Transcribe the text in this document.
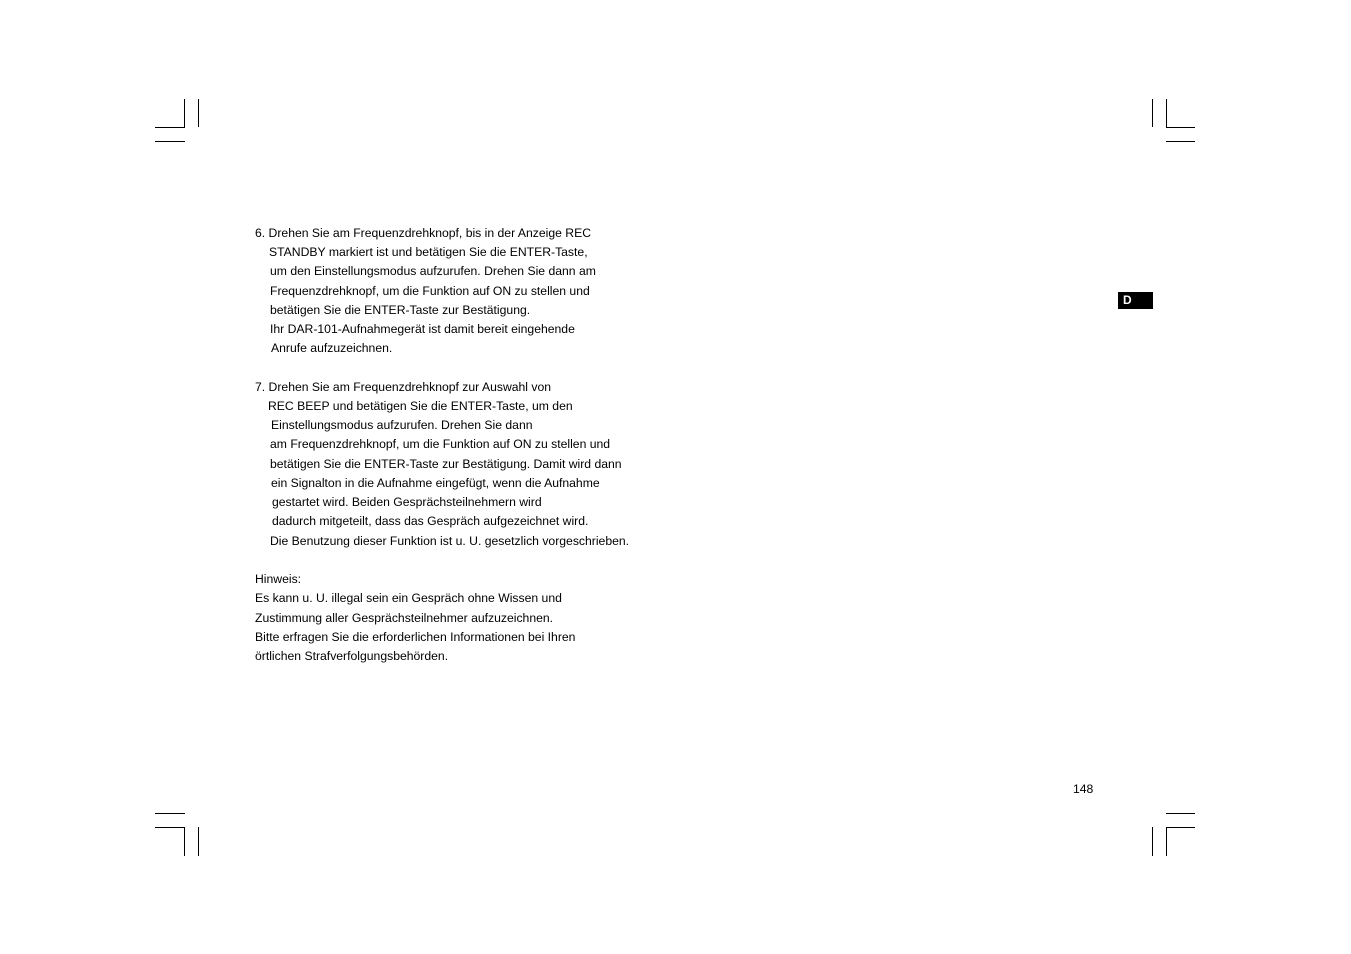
D
6. Drehen Sie am Frequenzdrehknopf, bis in der Anzeige REC
STANDBY markiert ist und betätigen Sie die ENTER-Taste,
um den Einstellungsmodus aufzurufen. Drehen Sie dann am
Frequenzdrehknopf, um die Funktion auf ON zu stellen und
betätigen Sie die ENTER-Taste zur Bestätigung.
Ihr DAR-101-Aufnahmegerät ist damit bereit eingehende
Anrufe aufzuzeichnen.
7. Drehen Sie am Frequenzdrehknopf zur Auswahl von
REC BEEP und betätigen Sie die ENTER-Taste, um den
Einstellungsmodus aufzurufen. Drehen Sie dann
am Frequenzdrehknopf, um die Funktion auf ON zu stellen und
betätigen Sie die ENTER-Taste zur Bestätigung. Damit wird dann
ein Signalton in die Aufnahme eingefügt, wenn die Aufnahme
gestartet wird. Beiden Gesprächsteilnehmern wird
dadurch mitgeteilt, dass das Gespräch aufgezeichnet wird.
Die Benutzung dieser Funktion ist u. U. gesetzlich vorgeschrieben.
Hinweis:
Es kann u. U. illegal sein ein Gespräch ohne Wissen und
Zustimmung aller Gesprächsteilnehmer aufzuzeichnen.
Bitte erfragen Sie die erforderlichen Informationen bei Ihren
örtlichen Strafverfolgungsbehörden.
148
